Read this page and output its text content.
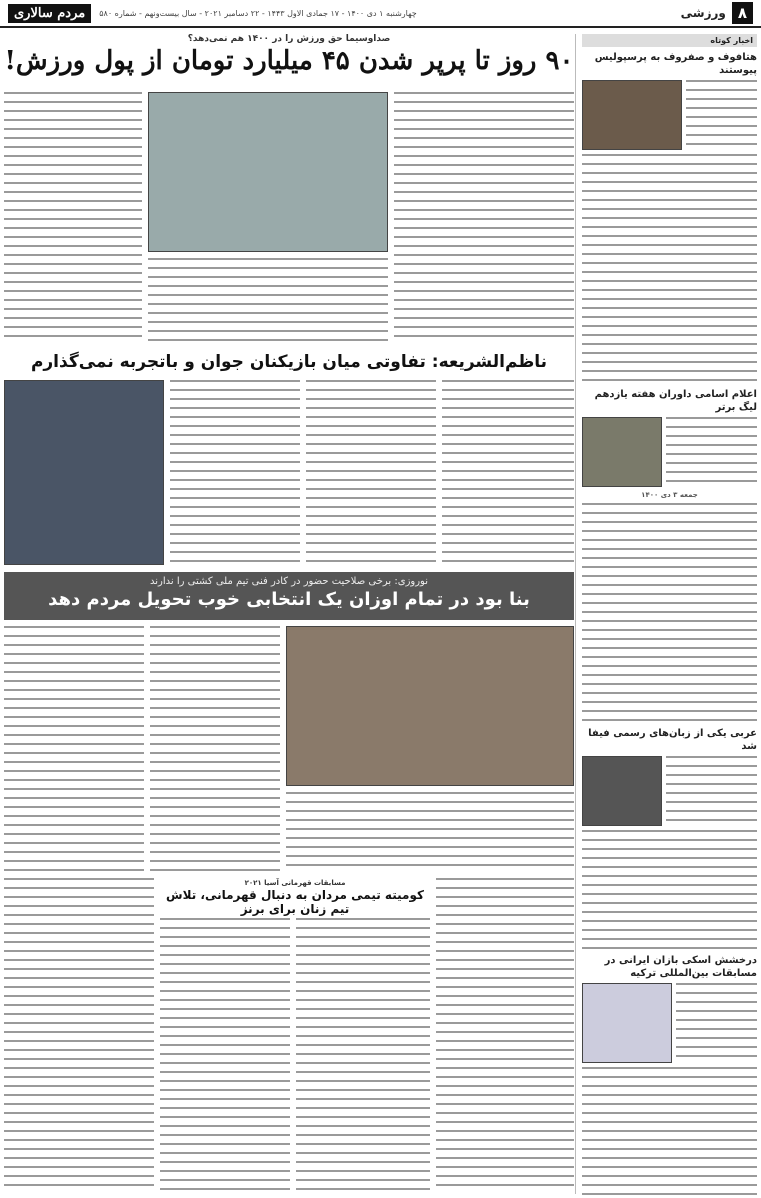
۸
ورزشی
چهارشنبه ۱ دی ۱۴۰۰ - ۱۷ جمادی الاول ۱۴۴۳ - ۲۲ دسامبر ۲۰۲۱ - سال بیست‌ونهم - شماره ۵۸۰
مردم سالاری
اخبار کوتاه
هتافوف و صفروف به پرسپولیس پیوستند
اعلام اسامی داوران هفته یازدهم لیگ برتر
جمعه ۳ دی ۱۴۰۰
عربی یکی از زبان‌های رسمی فیفا شد
درخشش اسکی بازان ایرانی در مسابقات بین‌المللی ترکیه
صداوسیما حق ورزش را در ۱۴۰۰ هم نمی‌دهد؟
۹۰ روز تا پرپر شدن ۴۵ میلیارد تومان از پول ورزش!
ناظم‌الشریعه: تفاوتی میان بازیکنان جوان و باتجربه نمی‌گذارم
نوروزی: برخی صلاحیت حضور در کادر فنی تیم ملی کشتی را ندارند
بنا بود در تمام اوزان یک انتخابی خوب تحویل مردم دهد
مسابقات قهرمانی آسیا ۲۰۲۱
کومیته تیمی مردان به دنبال قهرمانی، تلاش تیم زنان برای برنز
